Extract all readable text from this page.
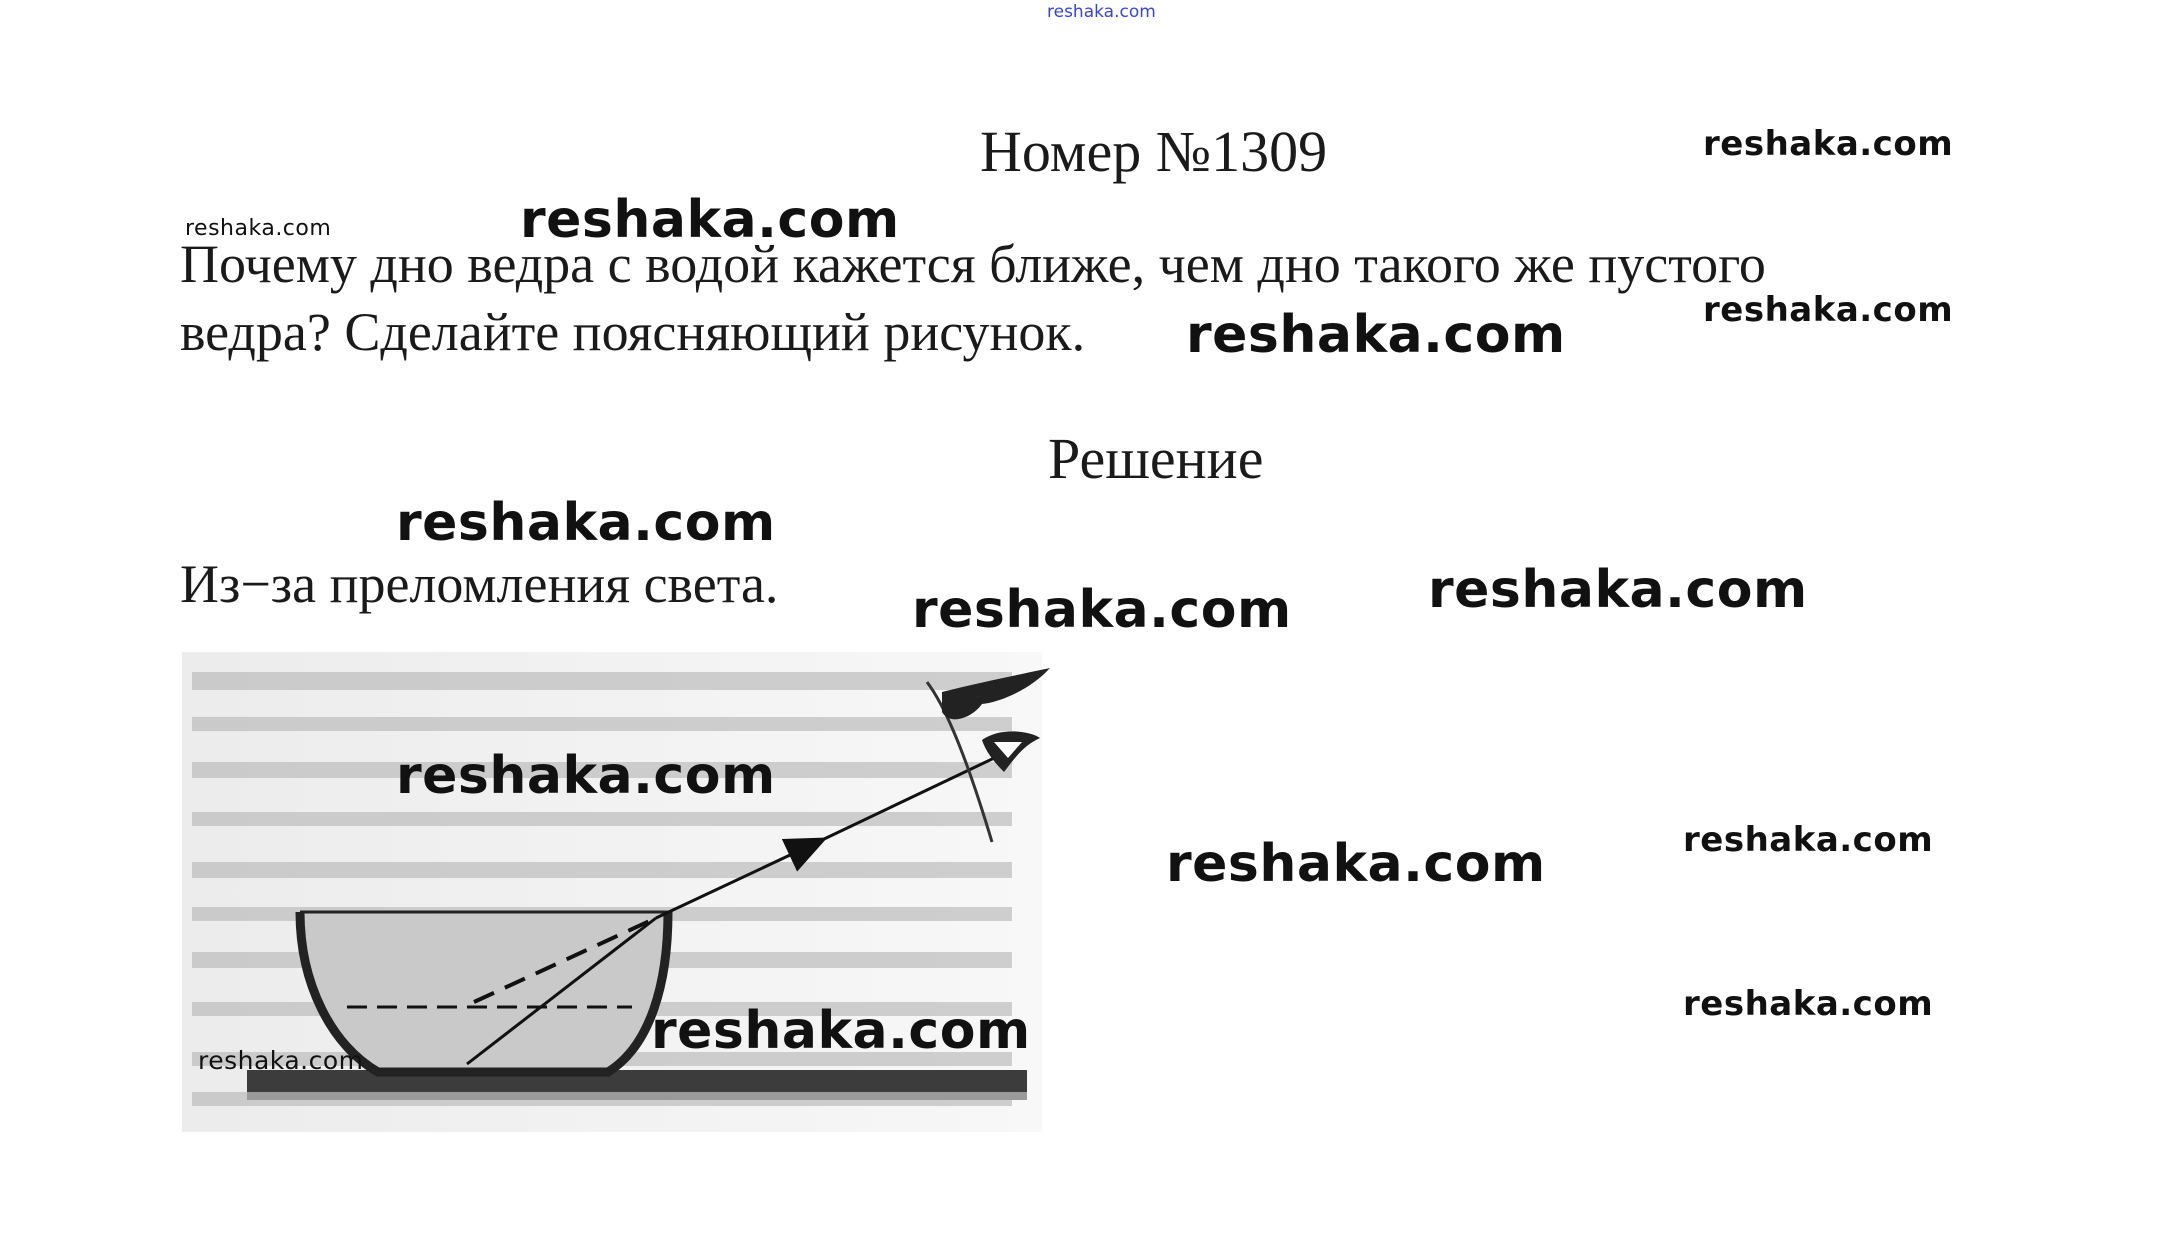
reshaka.com
Номер №1309
Почему дно ведра с водой кажется ближе, чем дно такого же пустого
ведра? Сделайте поясняющий рисунок.
Решение
Из−за преломления света.
reshaka.com
reshaka.com	reshaka.com
reshaka.com
reshaka.com
reshaka.com
reshaka.com
reshaka.com
reshaka.com
reshaka.com
reshaka.com
reshaka.com
reshaka.com
reshaka.com
